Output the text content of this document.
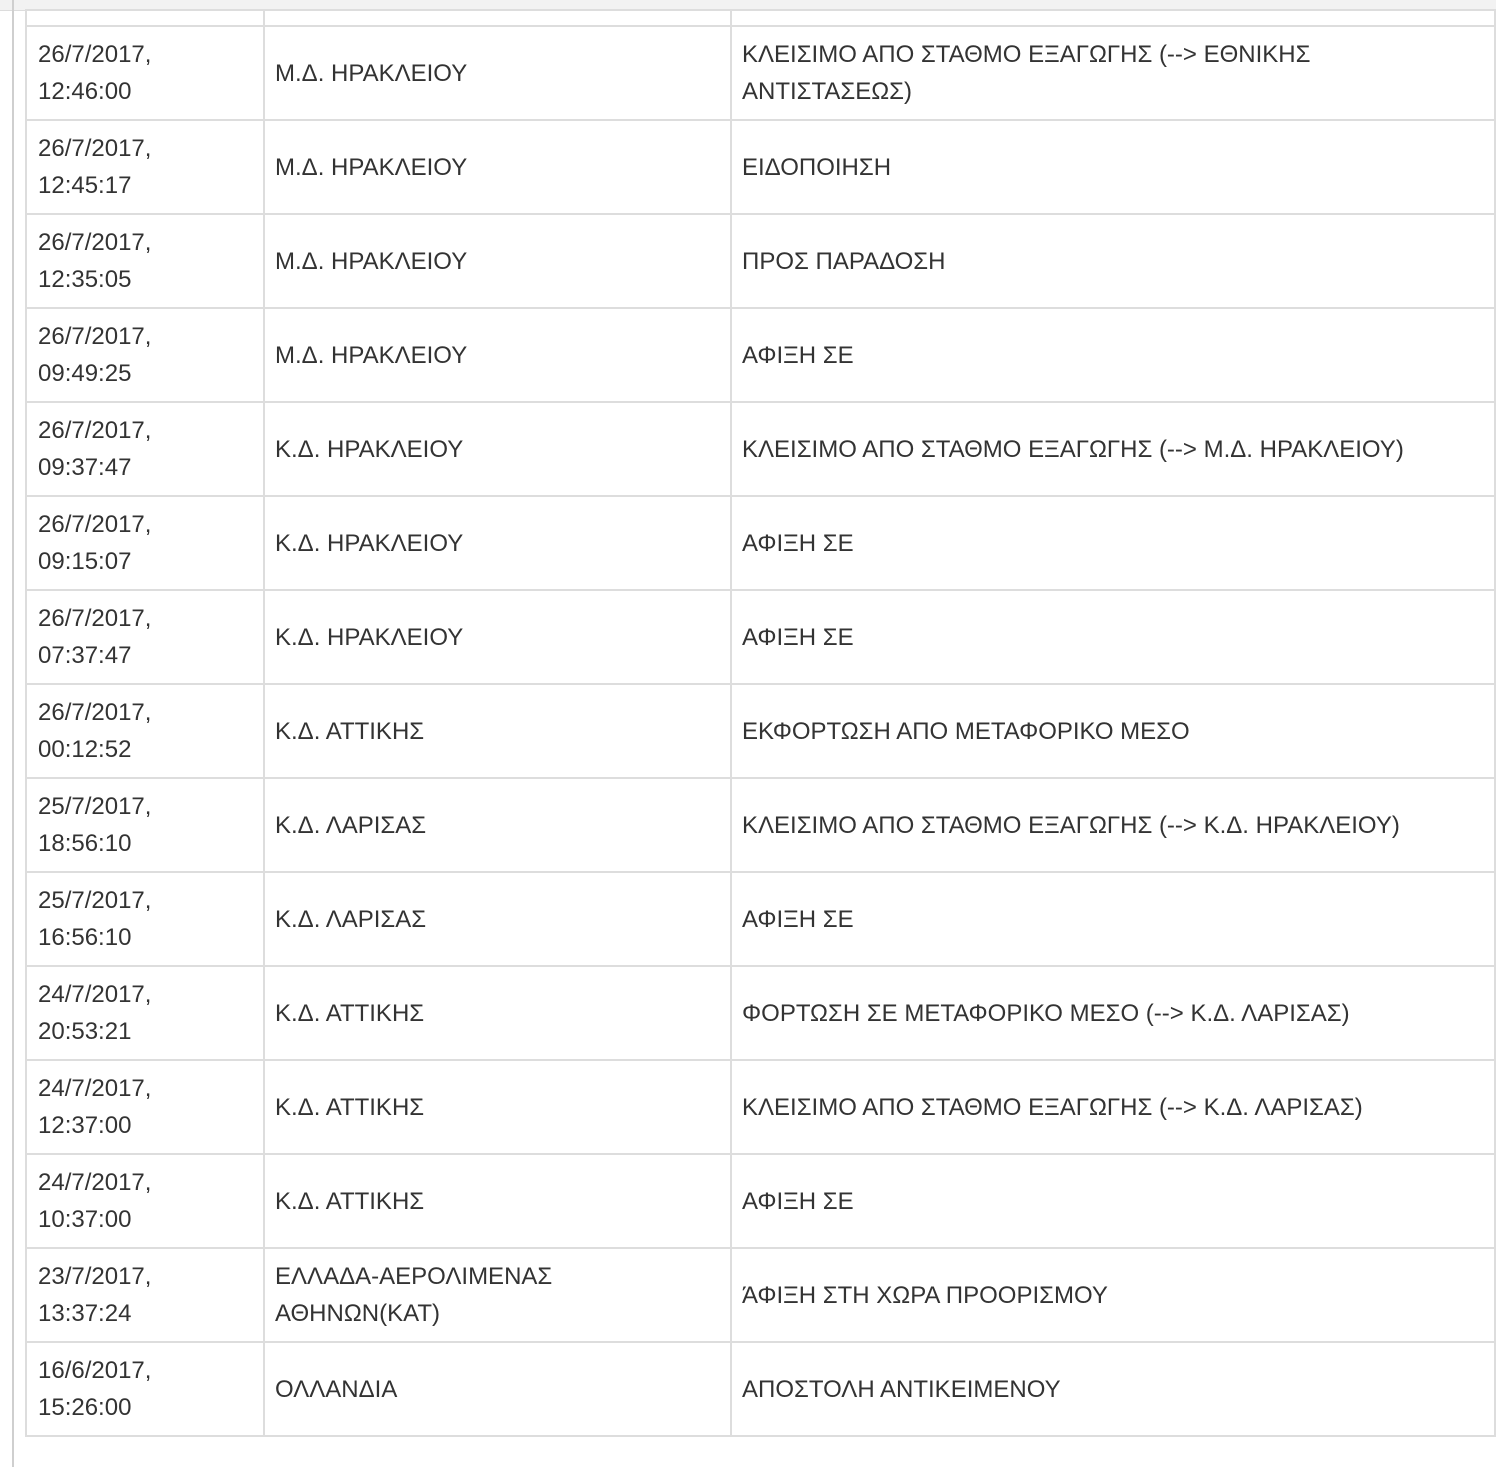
26/7/2017,
12:46:00	Μ.Δ. ΗΡΑΚΛΕΙΟΥ	ΚΛΕΙΣΙΜΟ ΑΠΟ ΣΤΑΘΜΟ ΕΞΑΓΩΓΗΣ (--> ΕΘΝΙΚΗΣ ΑΝΤΙΣΤΑΣΕΩΣ)

26/7/2017,
12:45:17	Μ.Δ. ΗΡΑΚΛΕΙΟΥ	ΕΙΔΟΠΟΙΗΣΗ

26/7/2017,
12:35:05	Μ.Δ. ΗΡΑΚΛΕΙΟΥ	ΠΡΟΣ ΠΑΡΑΔΟΣΗ

26/7/2017,
09:49:25	Μ.Δ. ΗΡΑΚΛΕΙΟΥ	ΑΦΙΞΗ ΣΕ

26/7/2017,
09:37:47	Κ.Δ. ΗΡΑΚΛΕΙΟΥ	ΚΛΕΙΣΙΜΟ ΑΠΟ ΣΤΑΘΜΟ ΕΞΑΓΩΓΗΣ (--> Μ.Δ. ΗΡΑΚΛΕΙΟΥ)

26/7/2017,
09:15:07	Κ.Δ. ΗΡΑΚΛΕΙΟΥ	ΑΦΙΞΗ ΣΕ

26/7/2017,
07:37:47	Κ.Δ. ΗΡΑΚΛΕΙΟΥ	ΑΦΙΞΗ ΣΕ

26/7/2017,
00:12:52	Κ.Δ. ΑΤΤΙΚΗΣ	ΕΚΦΟΡΤΩΣΗ ΑΠΟ ΜΕΤΑΦΟΡΙΚΟ ΜΕΣΟ

25/7/2017,
18:56:10	Κ.Δ. ΛΑΡΙΣΑΣ	ΚΛΕΙΣΙΜΟ ΑΠΟ ΣΤΑΘΜΟ ΕΞΑΓΩΓΗΣ (--> Κ.Δ. ΗΡΑΚΛΕΙΟΥ)

25/7/2017,
16:56:10	Κ.Δ. ΛΑΡΙΣΑΣ	ΑΦΙΞΗ ΣΕ

24/7/2017,
20:53:21	Κ.Δ. ΑΤΤΙΚΗΣ	ΦΟΡΤΩΣΗ ΣΕ ΜΕΤΑΦΟΡΙΚΟ ΜΕΣΟ (--> Κ.Δ. ΛΑΡΙΣΑΣ)

24/7/2017,
12:37:00	Κ.Δ. ΑΤΤΙΚΗΣ	ΚΛΕΙΣΙΜΟ ΑΠΟ ΣΤΑΘΜΟ ΕΞΑΓΩΓΗΣ (--> Κ.Δ. ΛΑΡΙΣΑΣ)

24/7/2017,
10:37:00	Κ.Δ. ΑΤΤΙΚΗΣ	ΑΦΙΞΗ ΣΕ

23/7/2017,
13:37:24	ΕΛΛΑΔΑ-ΑΕΡΟΛΙΜΕΝΑΣ ΑΘΗΝΩΝ(ΚΑΤ)	ΆΦΙΞΗ ΣΤΗ ΧΩΡΑ ΠΡΟΟΡΙΣΜΟΥ

16/6/2017,
15:26:00	ΟΛΛΑΝΔΙΑ	ΑΠΟΣΤΟΛΗ ΑΝΤΙΚΕΙΜΕΝΟΥ
